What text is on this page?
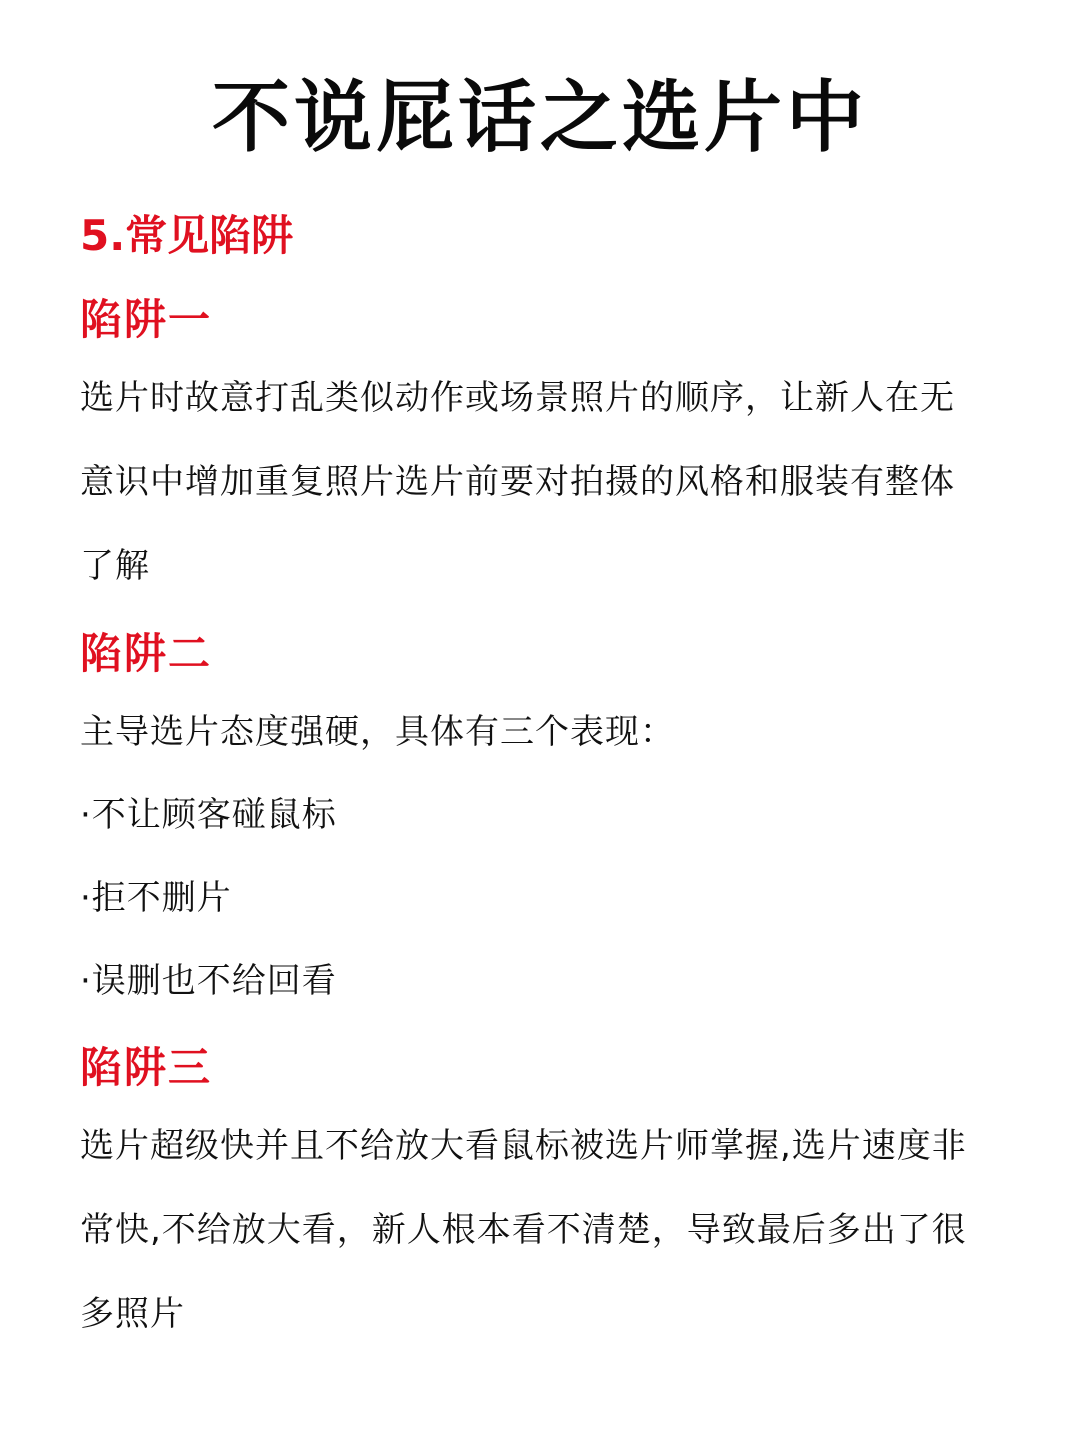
不说屁话之选片中
5.常见陷阱
陷阱一
选片时故意打乱类似动作或场景照片的顺序，让新人在无
意识中增加重复照片选片前要对拍摄的风格和服装有整体
了解
陷阱二
主导选片态度强硬，具体有三个表现：
·不让顾客碰鼠标
·拒不删片
·误删也不给回看
陷阱三
选片超级快并且不给放大看鼠标被选片师掌握,选片速度非
常快,不给放大看，新人根本看不清楚，导致最后多出了很
多照片
